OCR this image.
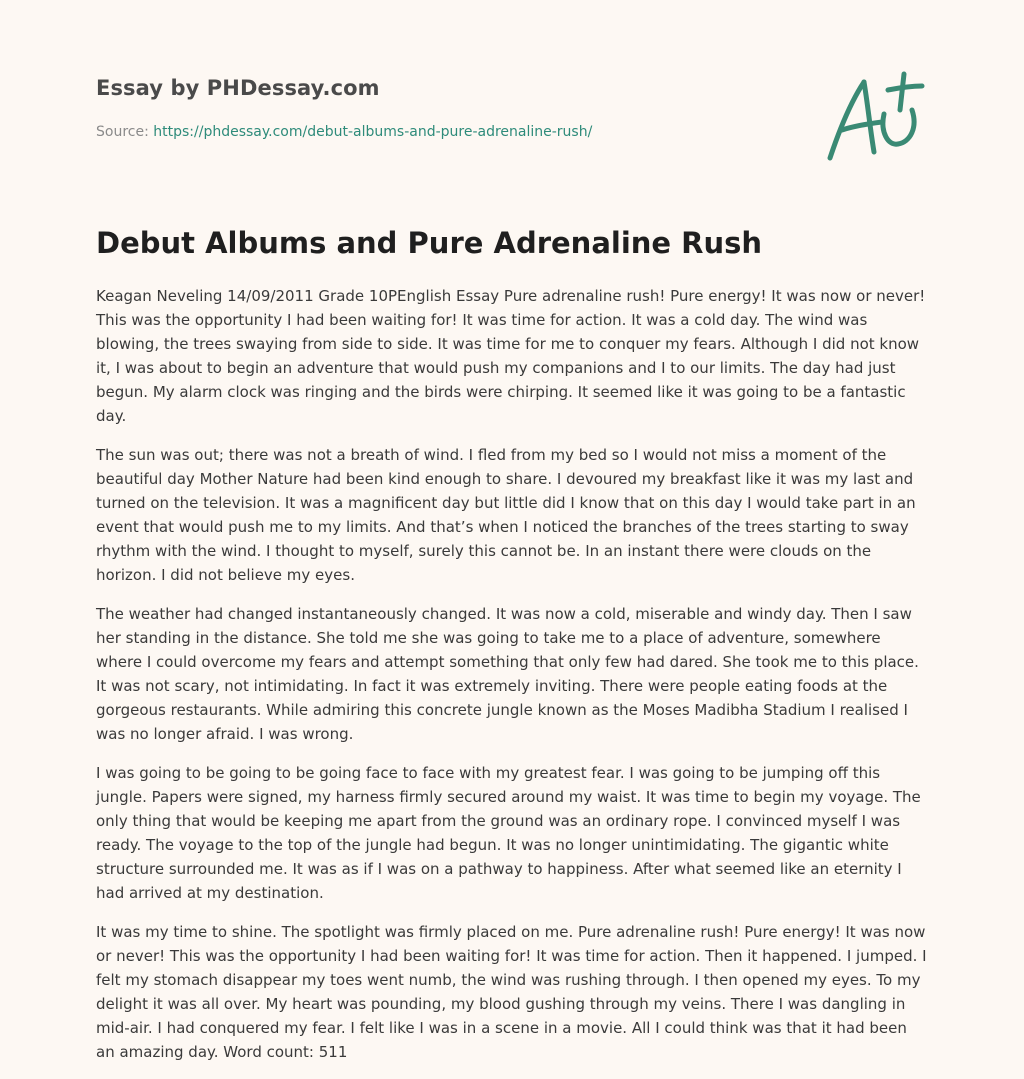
Essay by PHDessay.com
Source: https://phdessay.com/debut-albums-and-pure-adrenaline-rush/
Debut Albums and Pure Adrenaline Rush

Keagan Neveling 14/09/2011 Grade 10PEnglish Essay Pure adrenaline rush! Pure energy! It was now or never! This was the opportunity I had been waiting for! It was time for action. It was a cold day. The wind was blowing, the trees swaying from side to side. It was time for me to conquer my fears. Although I did not know it, I was about to begin an adventure that would push my companions and I to our limits. The day had just begun. My alarm clock was ringing and the birds were chirping. It seemed like it was going to be a fantastic day.

The sun was out; there was not a breath of wind. I fled from my bed so I would not miss a moment of the beautiful day Mother Nature had been kind enough to share. I devoured my breakfast like it was my last and turned on the television. It was a magnificent day but little did I know that on this day I would take part in an event that would push me to my limits. And that’s when I noticed the branches of the trees starting to sway rhythm with the wind. I thought to myself, surely this cannot be. In an instant there were clouds on the horizon. I did not believe my eyes.

The weather had changed instantaneously changed. It was now a cold, miserable and windy day. Then I saw her standing in the distance. She told me she was going to take me to a place of adventure, somewhere where I could overcome my fears and attempt something that only few had dared. She took me to this place. It was not scary, not intimidating. In fact it was extremely inviting. There were people eating foods at the gorgeous restaurants. While admiring this concrete jungle known as the Moses Madibha Stadium I realised I was no longer afraid. I was wrong.

I was going to be going to be going face to face with my greatest fear. I was going to be jumping off this jungle. Papers were signed, my harness firmly secured around my waist. It was time to begin my voyage. The only thing that would be keeping me apart from the ground was an ordinary rope. I convinced myself I was ready. The voyage to the top of the jungle had begun. It was no longer unintimidating. The gigantic white structure surrounded me. It was as if I was on a pathway to happiness. After what seemed like an eternity I had arrived at my destination.

It was my time to shine. The spotlight was firmly placed on me. Pure adrenaline rush! Pure energy! It was now or never! This was the opportunity I had been waiting for! It was time for action. Then it happened. I jumped. I felt my stomach disappear my toes went numb, the wind was rushing through. I then opened my eyes. To my delight it was all over. My heart was pounding, my blood gushing through my veins. There I was dangling in mid-air. I had conquered my fear. I felt like I was in a scene in a movie. All I could think was that it had been an amazing day. Word count: 511
